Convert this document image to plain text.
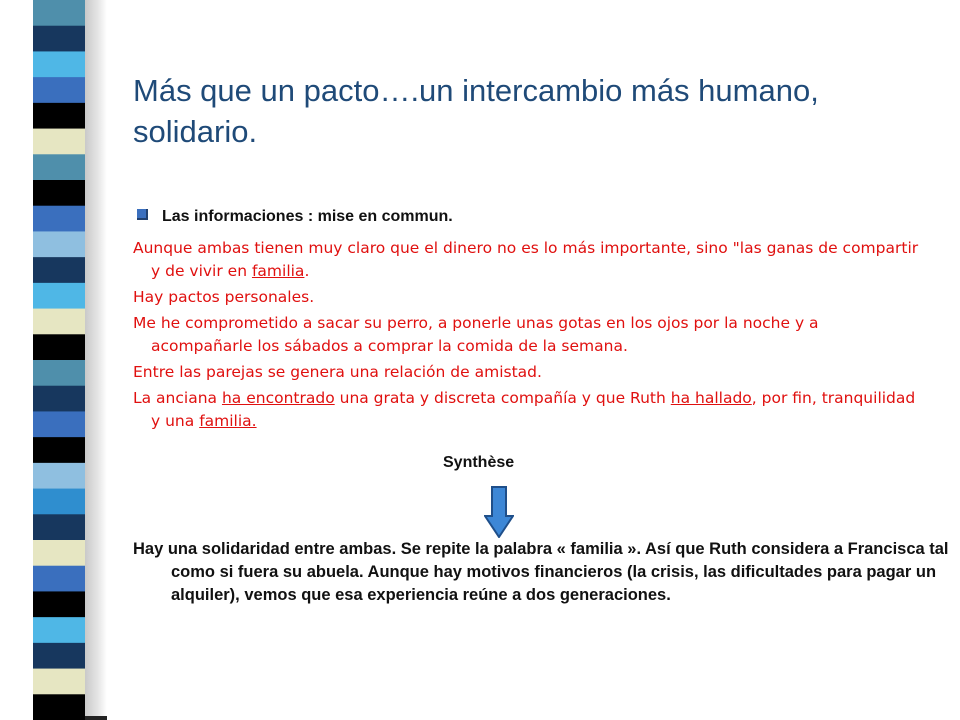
Más que un pacto….un intercambio más humano, solidario.
Las informaciones : mise en commun.

Aunque ambas tienen muy claro que el dinero no es lo más importante, sino "las ganas de compartir y de vivir en familia.

Hay pactos personales.

Me he comprometido a sacar su perro, a ponerle unas gotas en los ojos por la noche y a acompañarle los sábados a comprar la comida de la semana.

Entre las parejas se genera una relación de amistad.

La anciana ha encontrado una grata y discreta compañía y que Ruth ha hallado, por fin, tranquilidad y una familia.

Synthèse

Hay una solidaridad entre ambas. Se repite la palabra « familia ». Así que Ruth considera a Francisca tal como si fuera su abuela. Aunque hay motivos financieros (la crisis, las dificultades para pagar un alquiler), vemos que esa experiencia reúne a dos generaciones.
